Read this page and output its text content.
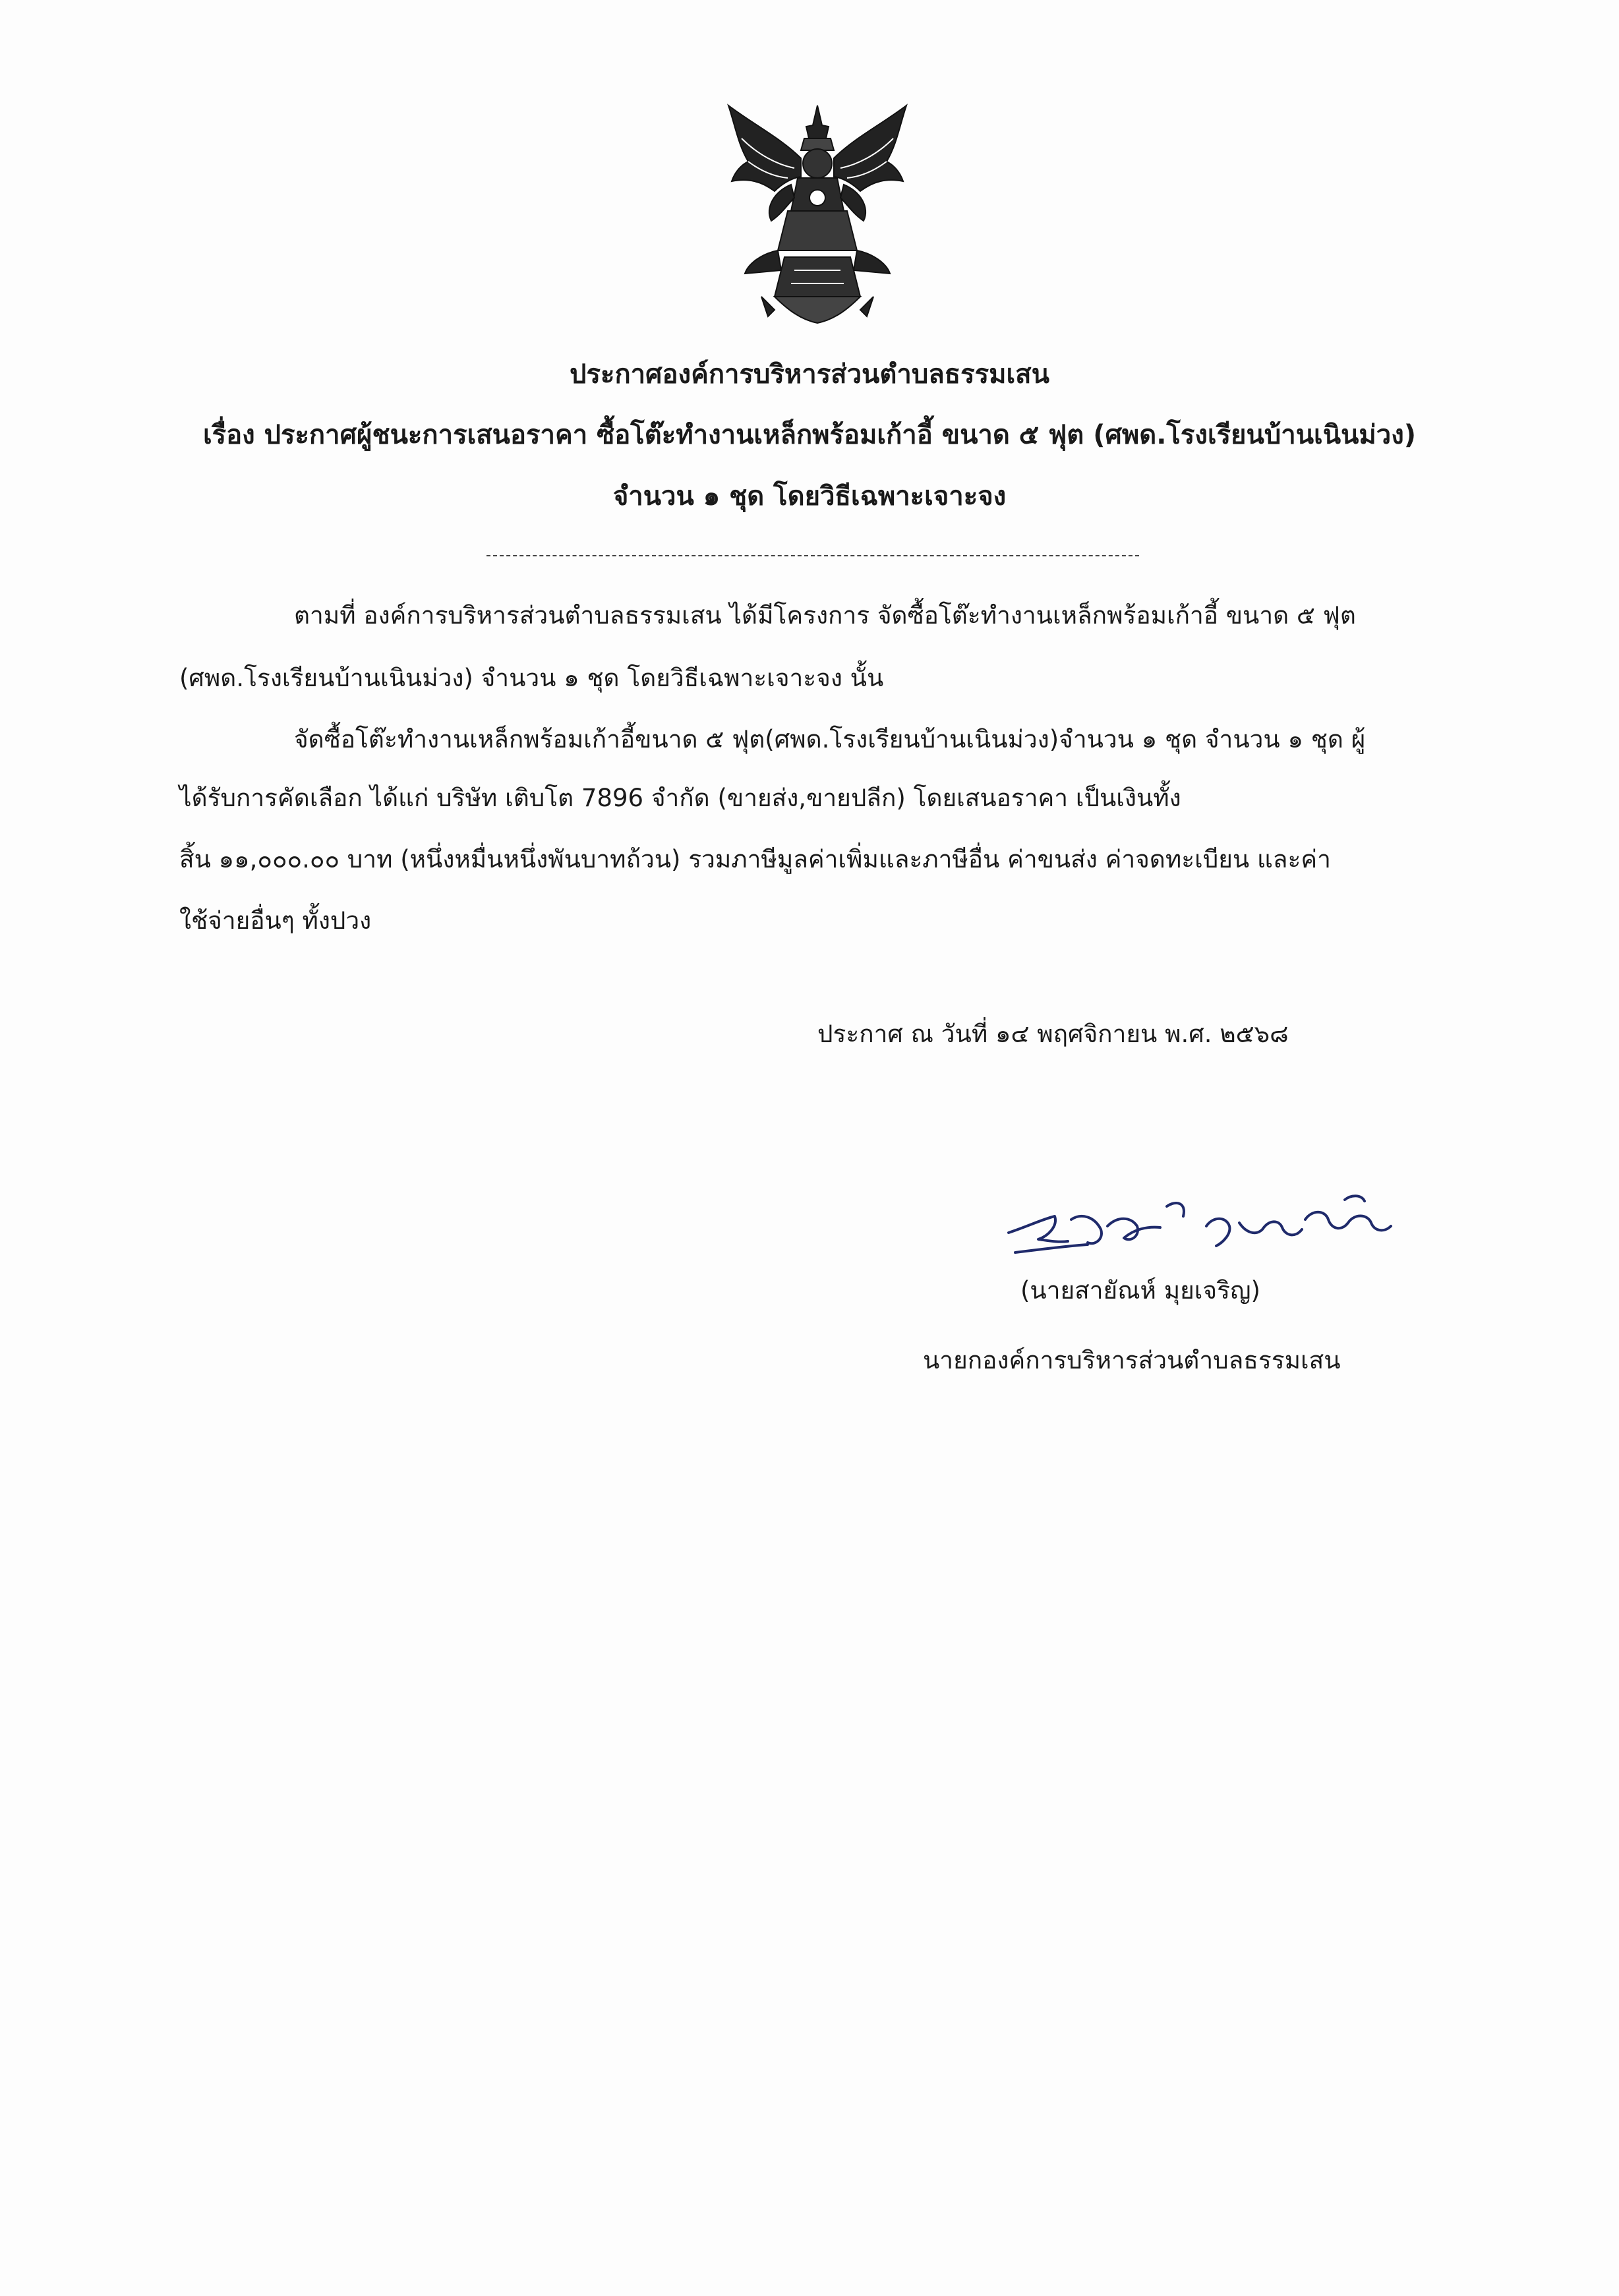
ประกาศองค์การบริหารส่วนตำบลธรรมเสน
เรื่อง ประกาศผู้ชนะการเสนอราคา ซื้อโต๊ะทำงานเหล็กพร้อมเก้าอี้ ขนาด ๕ ฟุต (ศพด.โรงเรียนบ้านเนินม่วง)
จำนวน ๑ ชุด โดยวิธีเฉพาะเจาะจง
ตามที่ องค์การบริหารส่วนตำบลธรรมเสน ได้มีโครงการ จัดซื้อโต๊ะทำงานเหล็กพร้อมเก้าอี้ ขนาด ๕ ฟุต
(ศพด.โรงเรียนบ้านเนินม่วง) จำนวน ๑ ชุด โดยวิธีเฉพาะเจาะจง นั้น
จัดซื้อโต๊ะทำงานเหล็กพร้อมเก้าอี้ขนาด ๕ ฟุต(ศพด.โรงเรียนบ้านเนินม่วง)จำนวน ๑ ชุด จำนวน ๑ ชุด ผู้
ได้รับการคัดเลือก ได้แก่ บริษัท เติบโต 7896 จำกัด (ขายส่ง,ขายปลีก) โดยเสนอราคา เป็นเงินทั้ง
สิ้น ๑๑,๐๐๐.๐๐ บาท (หนึ่งหมื่นหนึ่งพันบาทถ้วน) รวมภาษีมูลค่าเพิ่มและภาษีอื่น ค่าขนส่ง ค่าจดทะเบียน และค่า
ใช้จ่ายอื่นๆ ทั้งปวง
ประกาศ ณ วันที่ ๑๔ พฤศจิกายน พ.ศ. ๒๕๖๘
(นายสายัณห์ มุยเจริญ)
นายกองค์การบริหารส่วนตำบลธรรมเสน
